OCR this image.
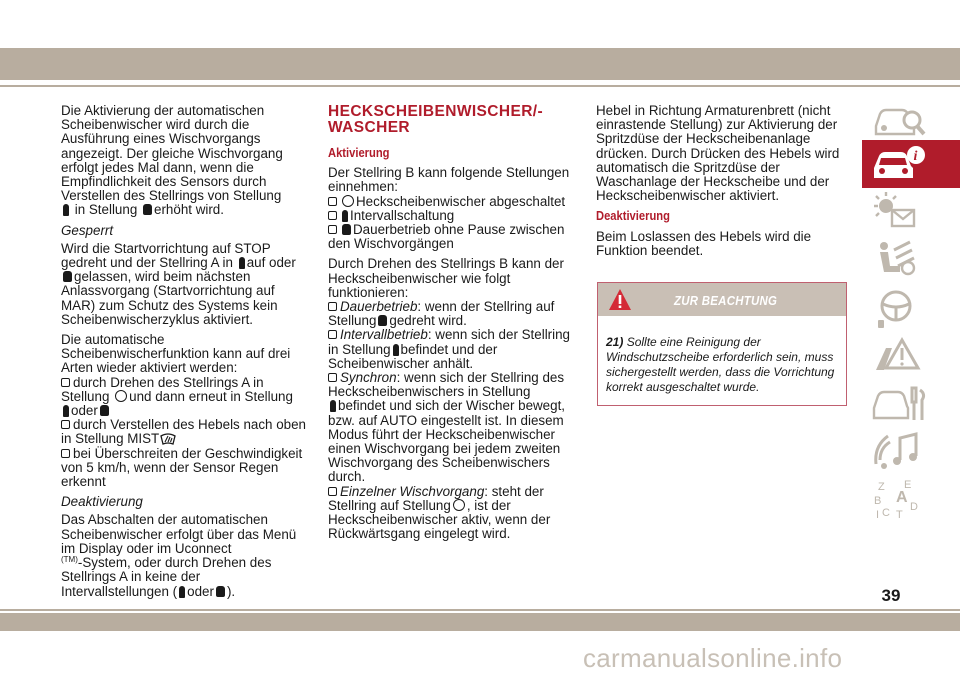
Die Aktivierung der automatischen Scheibenwischer wird durch die Ausführung eines Wischvorgangs angezeigt. Der gleiche Wischvorgang erfolgt jedes Mal dann, wenn die Empfindlichkeit des Sensors durch Verstellen des Stellrings von Stellung
in Stellung erhöht wird.
Gesperrt
Wird die Startvorrichtung auf STOP gedreht und der Stellring A in auf oder
gelassen, wird beim nächsten Anlassvorgang (Startvorrichtung auf MAR) zum Schutz des Systems kein Scheibenwischerzyklus aktiviert.
Die automatische Scheibenwischerfunktion kann auf drei Arten wieder aktiviert werden:
durch Drehen des Stellrings A in Stellung und dann erneut in Stellung
oder
durch Verstellen des Hebels nach oben in Stellung MIST
bei Überschreiten der Geschwindigkeit von 5 km/h, wenn der Sensor Regen erkennt
Deaktivierung
Das Abschalten der automatischen Scheibenwischer erfolgt über das Menü im Display oder im Uconnect
$^{(TM)}$-System, oder durch Drehen des Stellrings A in keine der Intervallstellungen ( oder ).
HECKSCHEIBENWISCHER/-WASCHER
Aktivierung
Der Stellring B kann folgende Stellungen einnehmen:
Heckscheibenwischer abgeschaltet
Intervallschaltung
Dauerbetrieb ohne Pause zwischen den Wischvorgängen
Durch Drehen des Stellrings B kann der Heckscheibenwischer wie folgt funktionieren:
Dauerbetrieb: wenn der Stellring auf Stellung gedreht wird.
Intervallbetrieb: wenn sich der Stellring in Stellung befindet und der Scheibenwischer anhält.
Synchron: wenn sich der Stellring des Heckscheibenwischers in Stellung
befindet und sich der Wischer bewegt, bzw. auf AUTO eingestellt ist. In diesem Modus führt der Heckscheibenwischer einen Wischvorgang bei jedem zweiten Wischvorgang des Scheibenwischers durch.
Einzelner Wischvorgang: steht der Stellring auf Stellung , ist der Heckscheibenwischer aktiv, wenn der Rückwärtsgang eingelegt wird.
Hebel in Richtung Armaturenbrett (nicht einrastende Stellung) zur Aktivierung der Spritzdüse der Heckscheibenanlage drücken. Durch Drücken des Hebels wird automatisch die Spritzdüse der Waschanlage der Heckscheibe und der Heckscheibenwischer aktiviert.
Deaktivierung
Beim Loslassen des Hebels wird die Funktion beendet.
ZUR BEACHTUNG
21) Sollte eine Reinigung der Windschutzscheibe erforderlich sein, muss sichergestellt werden, dass die Vorrichtung korrekt ausgeschaltet wurde.
i
Z E
A
B
C
I T
D
39
carmanualsonline.info
